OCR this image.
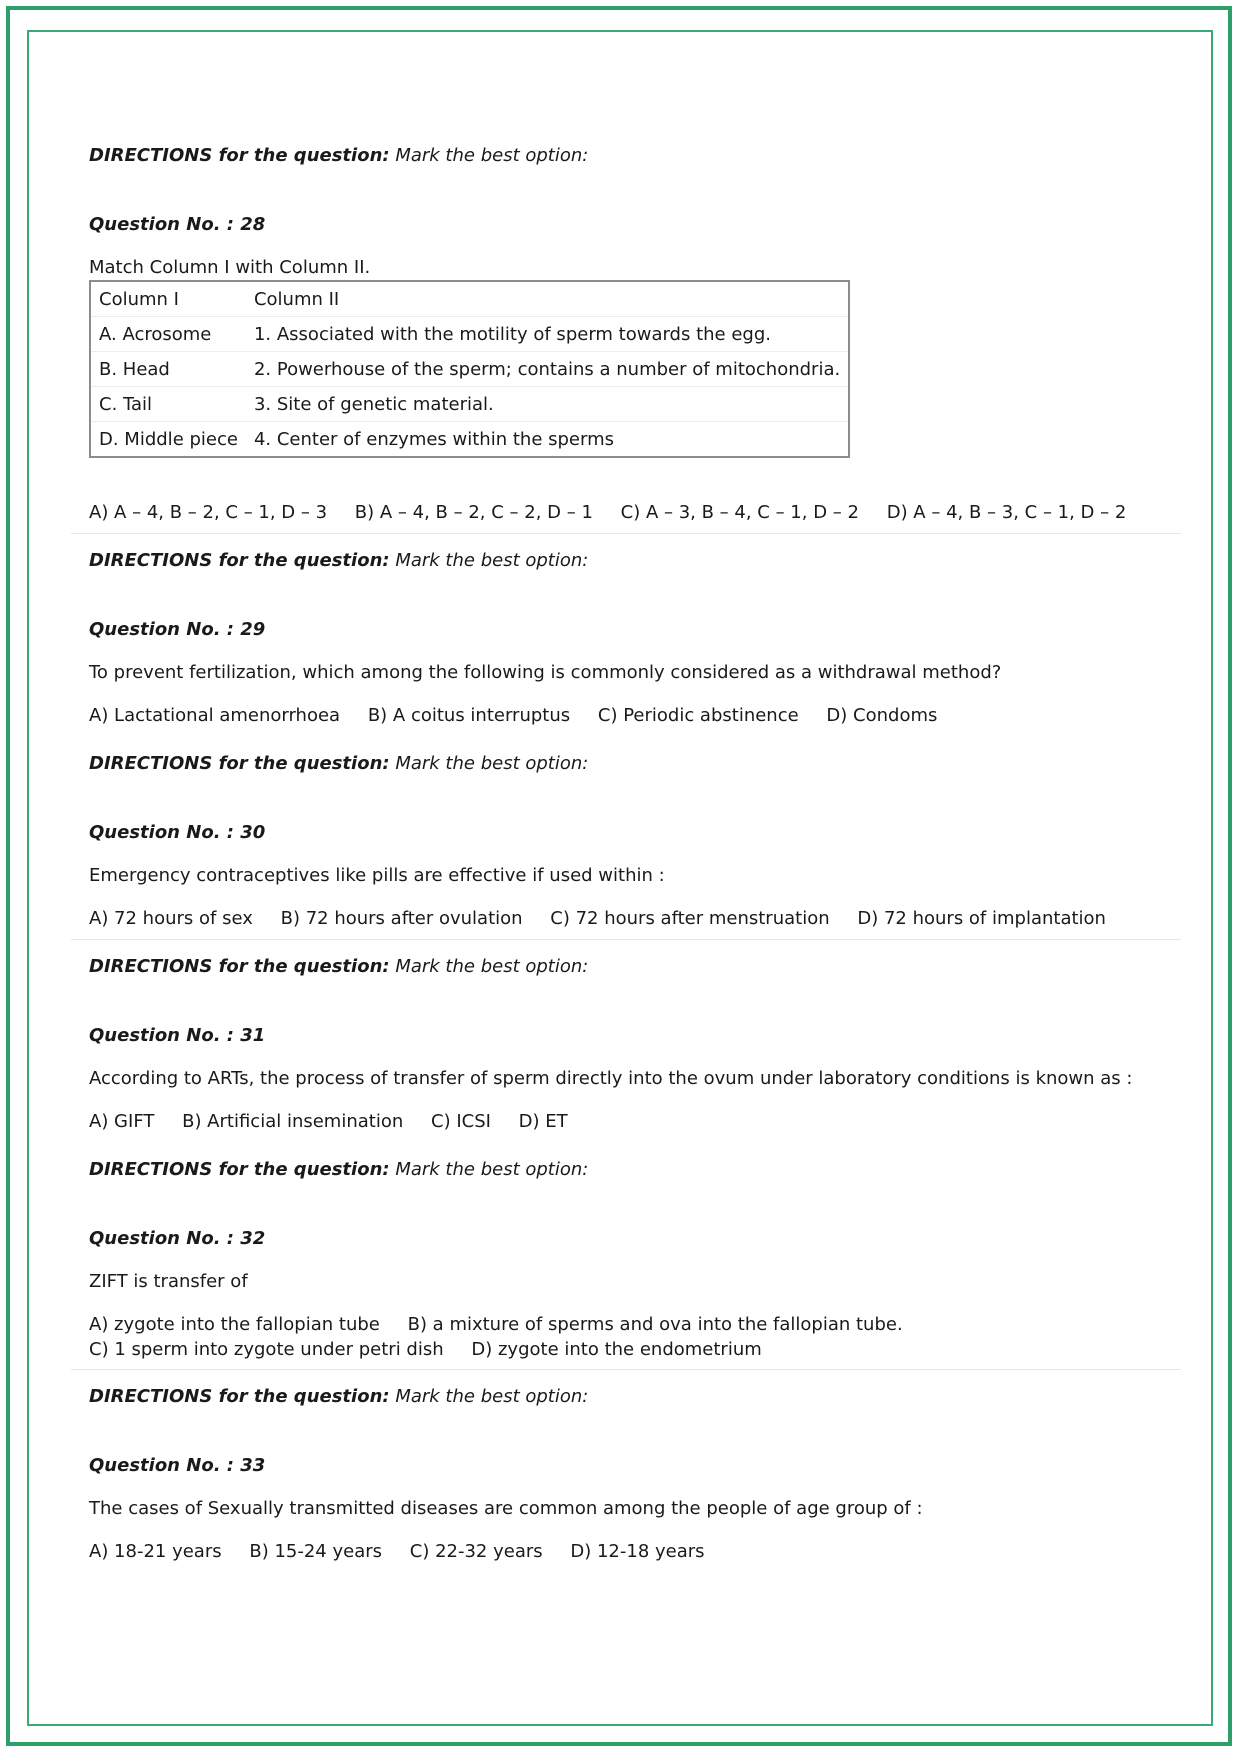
DIRECTIONS for the question: Mark the best option:
Question No. : 28
Match Column I with Column II.
Column I	Column II
A. Acrosome	1. Associated with the motility of sperm towards the egg.
B. Head	2. Powerhouse of the sperm; contains a number of mitochondria.
C. Tail	3. Site of genetic material.
D. Middle piece	4. Center of enzymes within the sperms
A) A – 4, B – 2, C – 1, D – 3 B) A – 4, B – 2, C – 2, D – 1 C) A – 3, B – 4, C – 1, D – 2 D) A – 4, B – 3, C – 1, D – 2
DIRECTIONS for the question: Mark the best option:
Question No. : 29
To prevent fertilization, which among the following is commonly considered as a withdrawal method?
A) Lactational amenorrhoea B) A coitus interruptus C) Periodic abstinence D) Condoms
DIRECTIONS for the question: Mark the best option:
Question No. : 30
Emergency contraceptives like pills are effective if used within :
A) 72 hours of sex B) 72 hours after ovulation C) 72 hours after menstruation D) 72 hours of implantation
DIRECTIONS for the question: Mark the best option:
Question No. : 31
According to ARTs, the process of transfer of sperm directly into the ovum under laboratory conditions is known as :
A) GIFT B) Artificial insemination C) ICSI D) ET
DIRECTIONS for the question: Mark the best option:
Question No. : 32
ZIFT is transfer of
A) zygote into the fallopian tube B) a mixture of sperms and ova into the fallopian tube.
C) 1 sperm into zygote under petri dish D) zygote into the endometrium
DIRECTIONS for the question: Mark the best option:
Question No. : 33
The cases of Sexually transmitted diseases are common among the people of age group of :
A) 18-21 years B) 15-24 years C) 22-32 years D) 12-18 years
